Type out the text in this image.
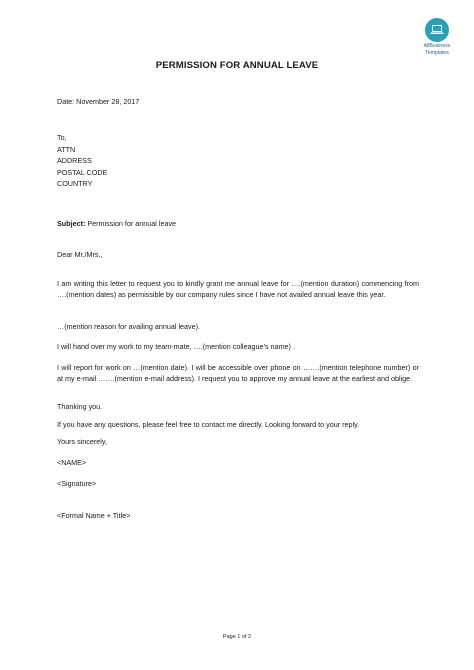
AllBusiness
Templates
PERMISSION FOR ANNUAL LEAVE
Date: November 28, 2017
To,
ATTN
ADDRESS
POSTAL CODE
COUNTRY
Subject: Permission for annual leave
Dear Mr./Mrs.,
I am writing this letter to request you to kindly grant me annual leave for ….(mention duration) commencing from ….(mention dates) as permissible by our company rules since I have not availed annual leave this year.
…(mention reason for availing annual leave).
I will hand over my work to my team-mate, ….(mention colleague’s name) .
I will report for work on …(mention date). I will be accessible over phone on …….(mention telephone number) or at my e-mail …….(mention e-mail address). I request you to approve my annual leave at the earliest and oblige.
Thanking you.
If you have any questions, please feel free to contact me directly. Looking forward to your reply.
Yours sincerely,
<NAME>
<Signature>
<Formal Name + Title>
Page 1 of 2
